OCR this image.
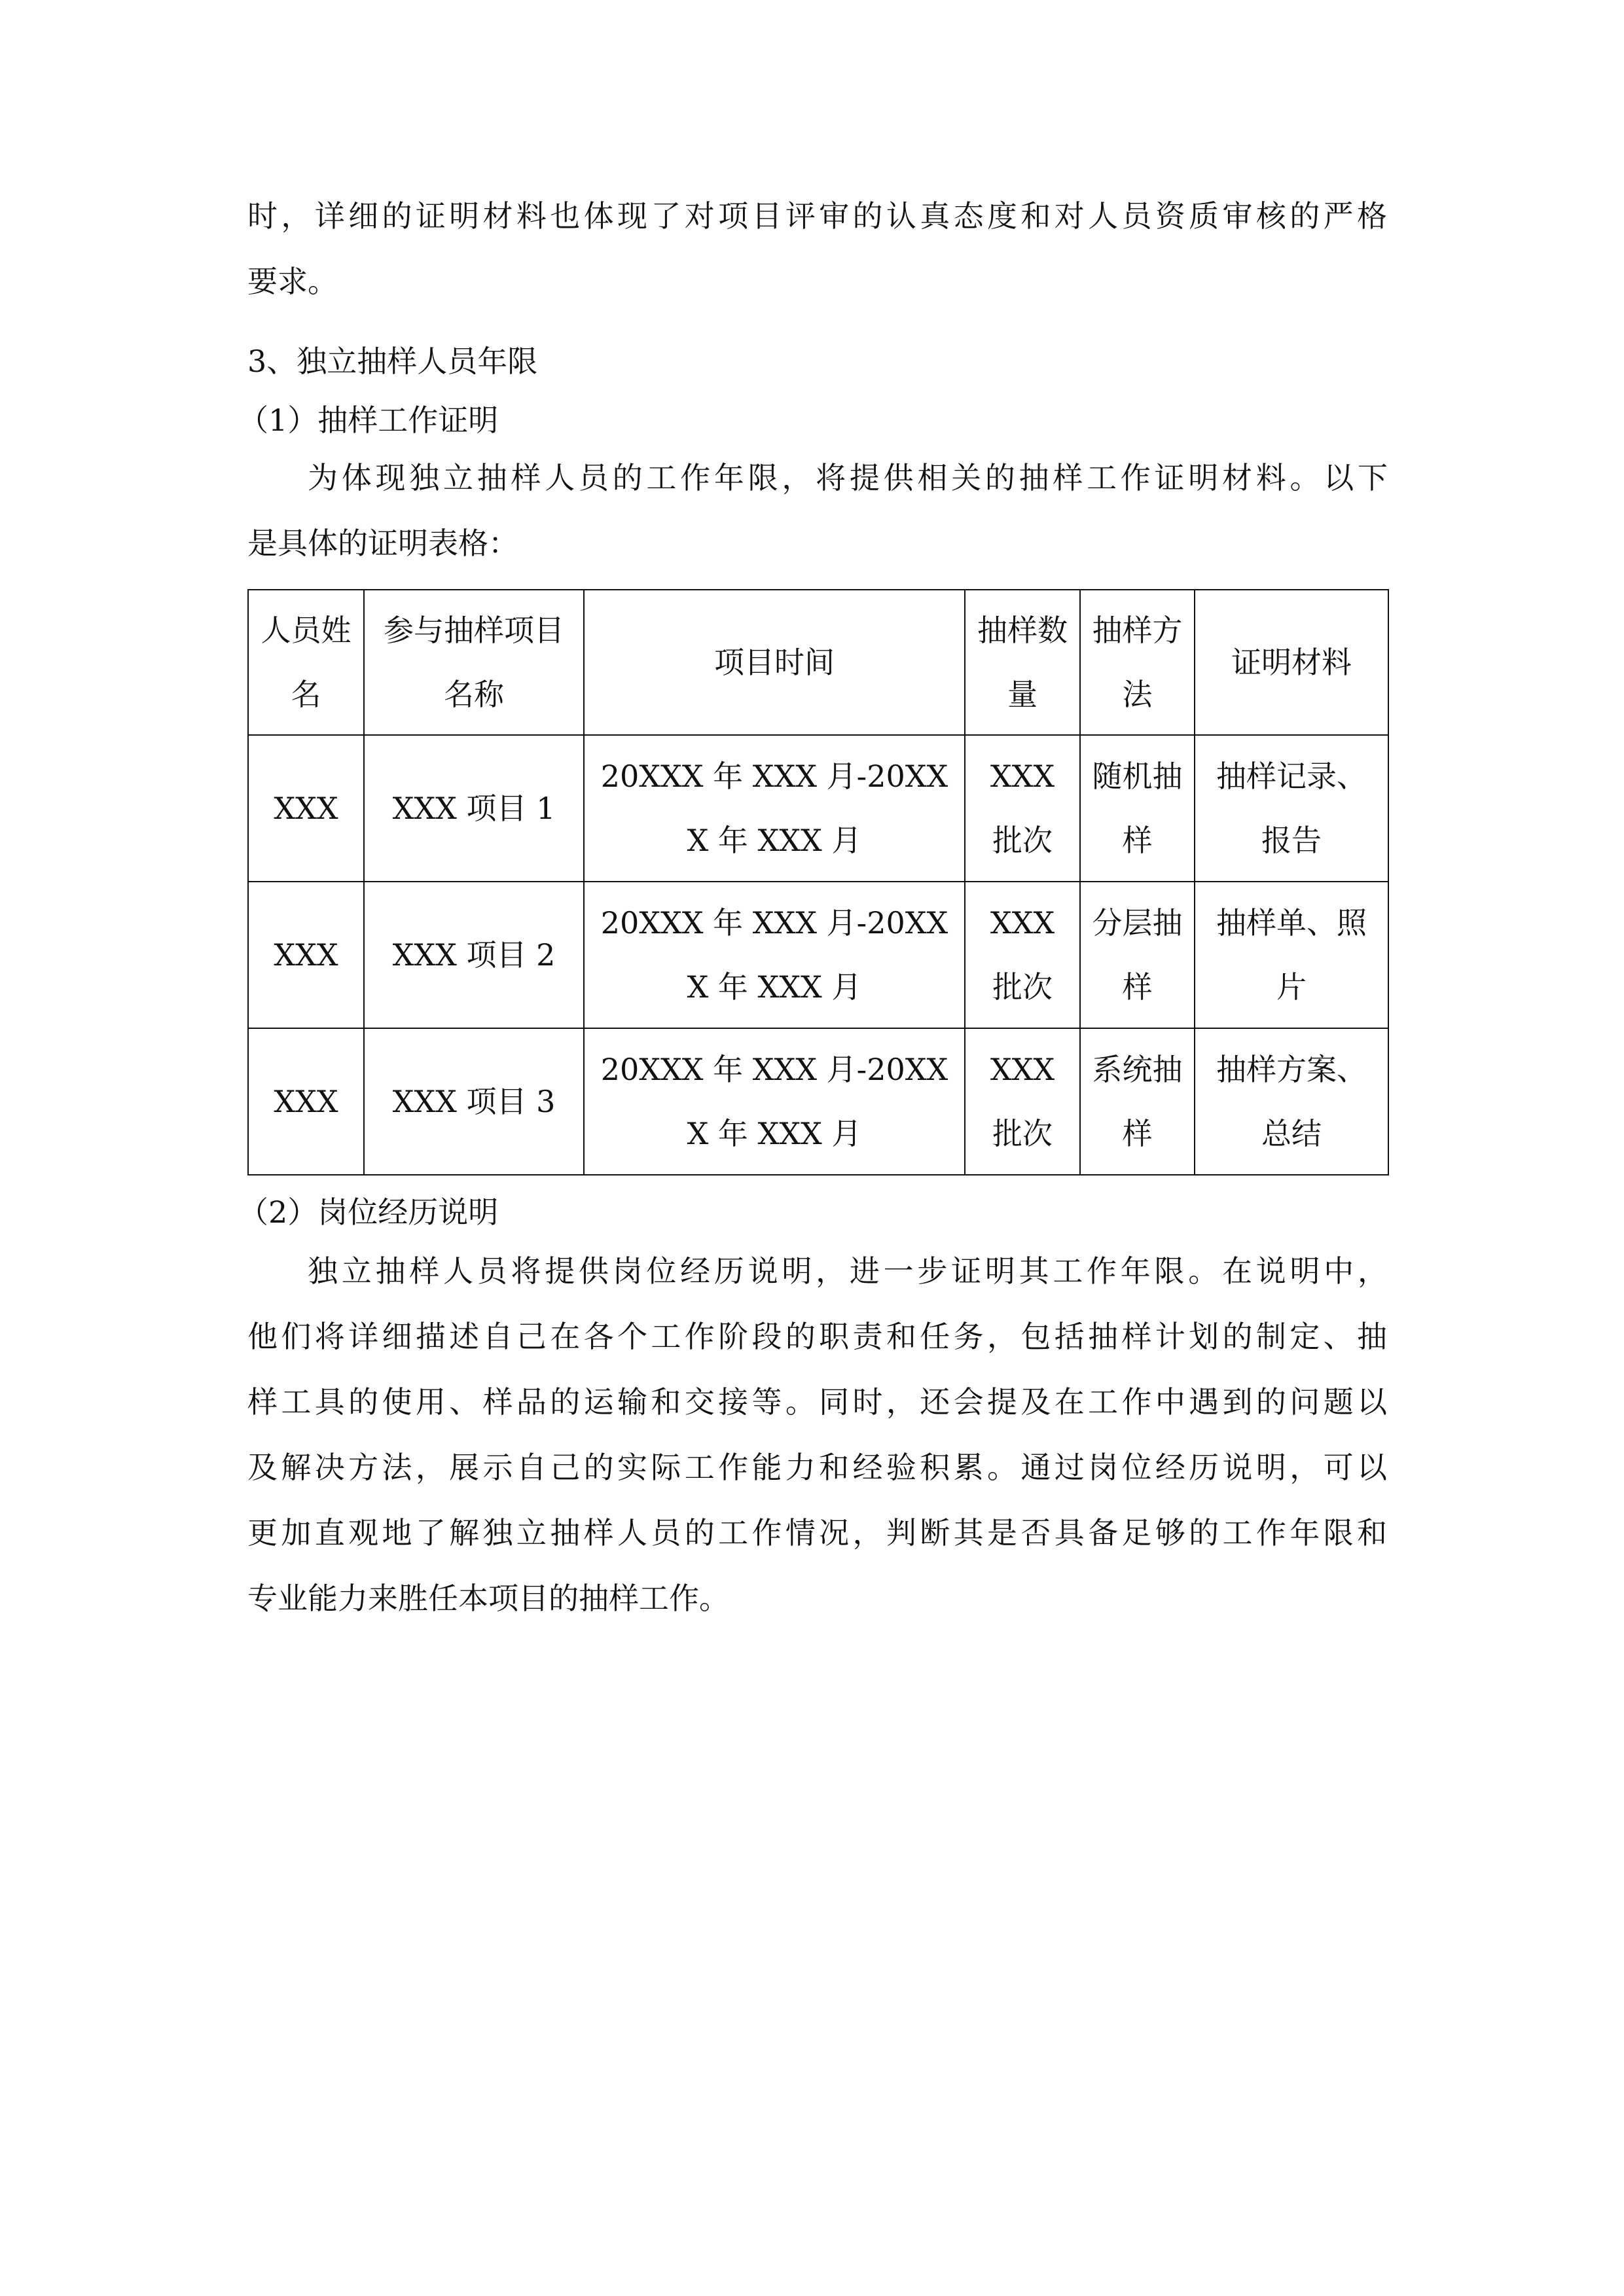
时，详细的证明材料也体现了对项目评审的认真态度和对人员资质审核的严格
要求。
3、独立抽样人员年限
（1）抽样工作证明
为体现独立抽样人员的工作年限，将提供相关的抽样工作证明材料。以下
是具体的证明表格：
人员姓名	参与抽样项目名称	项目时间	抽样数量	抽样方法	证明材料
XXX	XXX 项目 1	20XXX 年 XXX 月-20XXX 年 XXX 月	XXX 批次	随机抽样	抽样记录、报告
XXX	XXX 项目 2	20XXX 年 XXX 月-20XXX 年 XXX 月	XXX 批次	分层抽样	抽样单、照片
XXX	XXX 项目 3	20XXX 年 XXX 月-20XXX 年 XXX 月	XXX 批次	系统抽样	抽样方案、总结
（2）岗位经历说明
独立抽样人员将提供岗位经历说明，进一步证明其工作年限。在说明中，
他们将详细描述自己在各个工作阶段的职责和任务，包括抽样计划的制定、抽
样工具的使用、样品的运输和交接等。同时，还会提及在工作中遇到的问题以
及解决方法，展示自己的实际工作能力和经验积累。通过岗位经历说明，可以
更加直观地了解独立抽样人员的工作情况，判断其是否具备足够的工作年限和
专业能力来胜任本项目的抽样工作。
